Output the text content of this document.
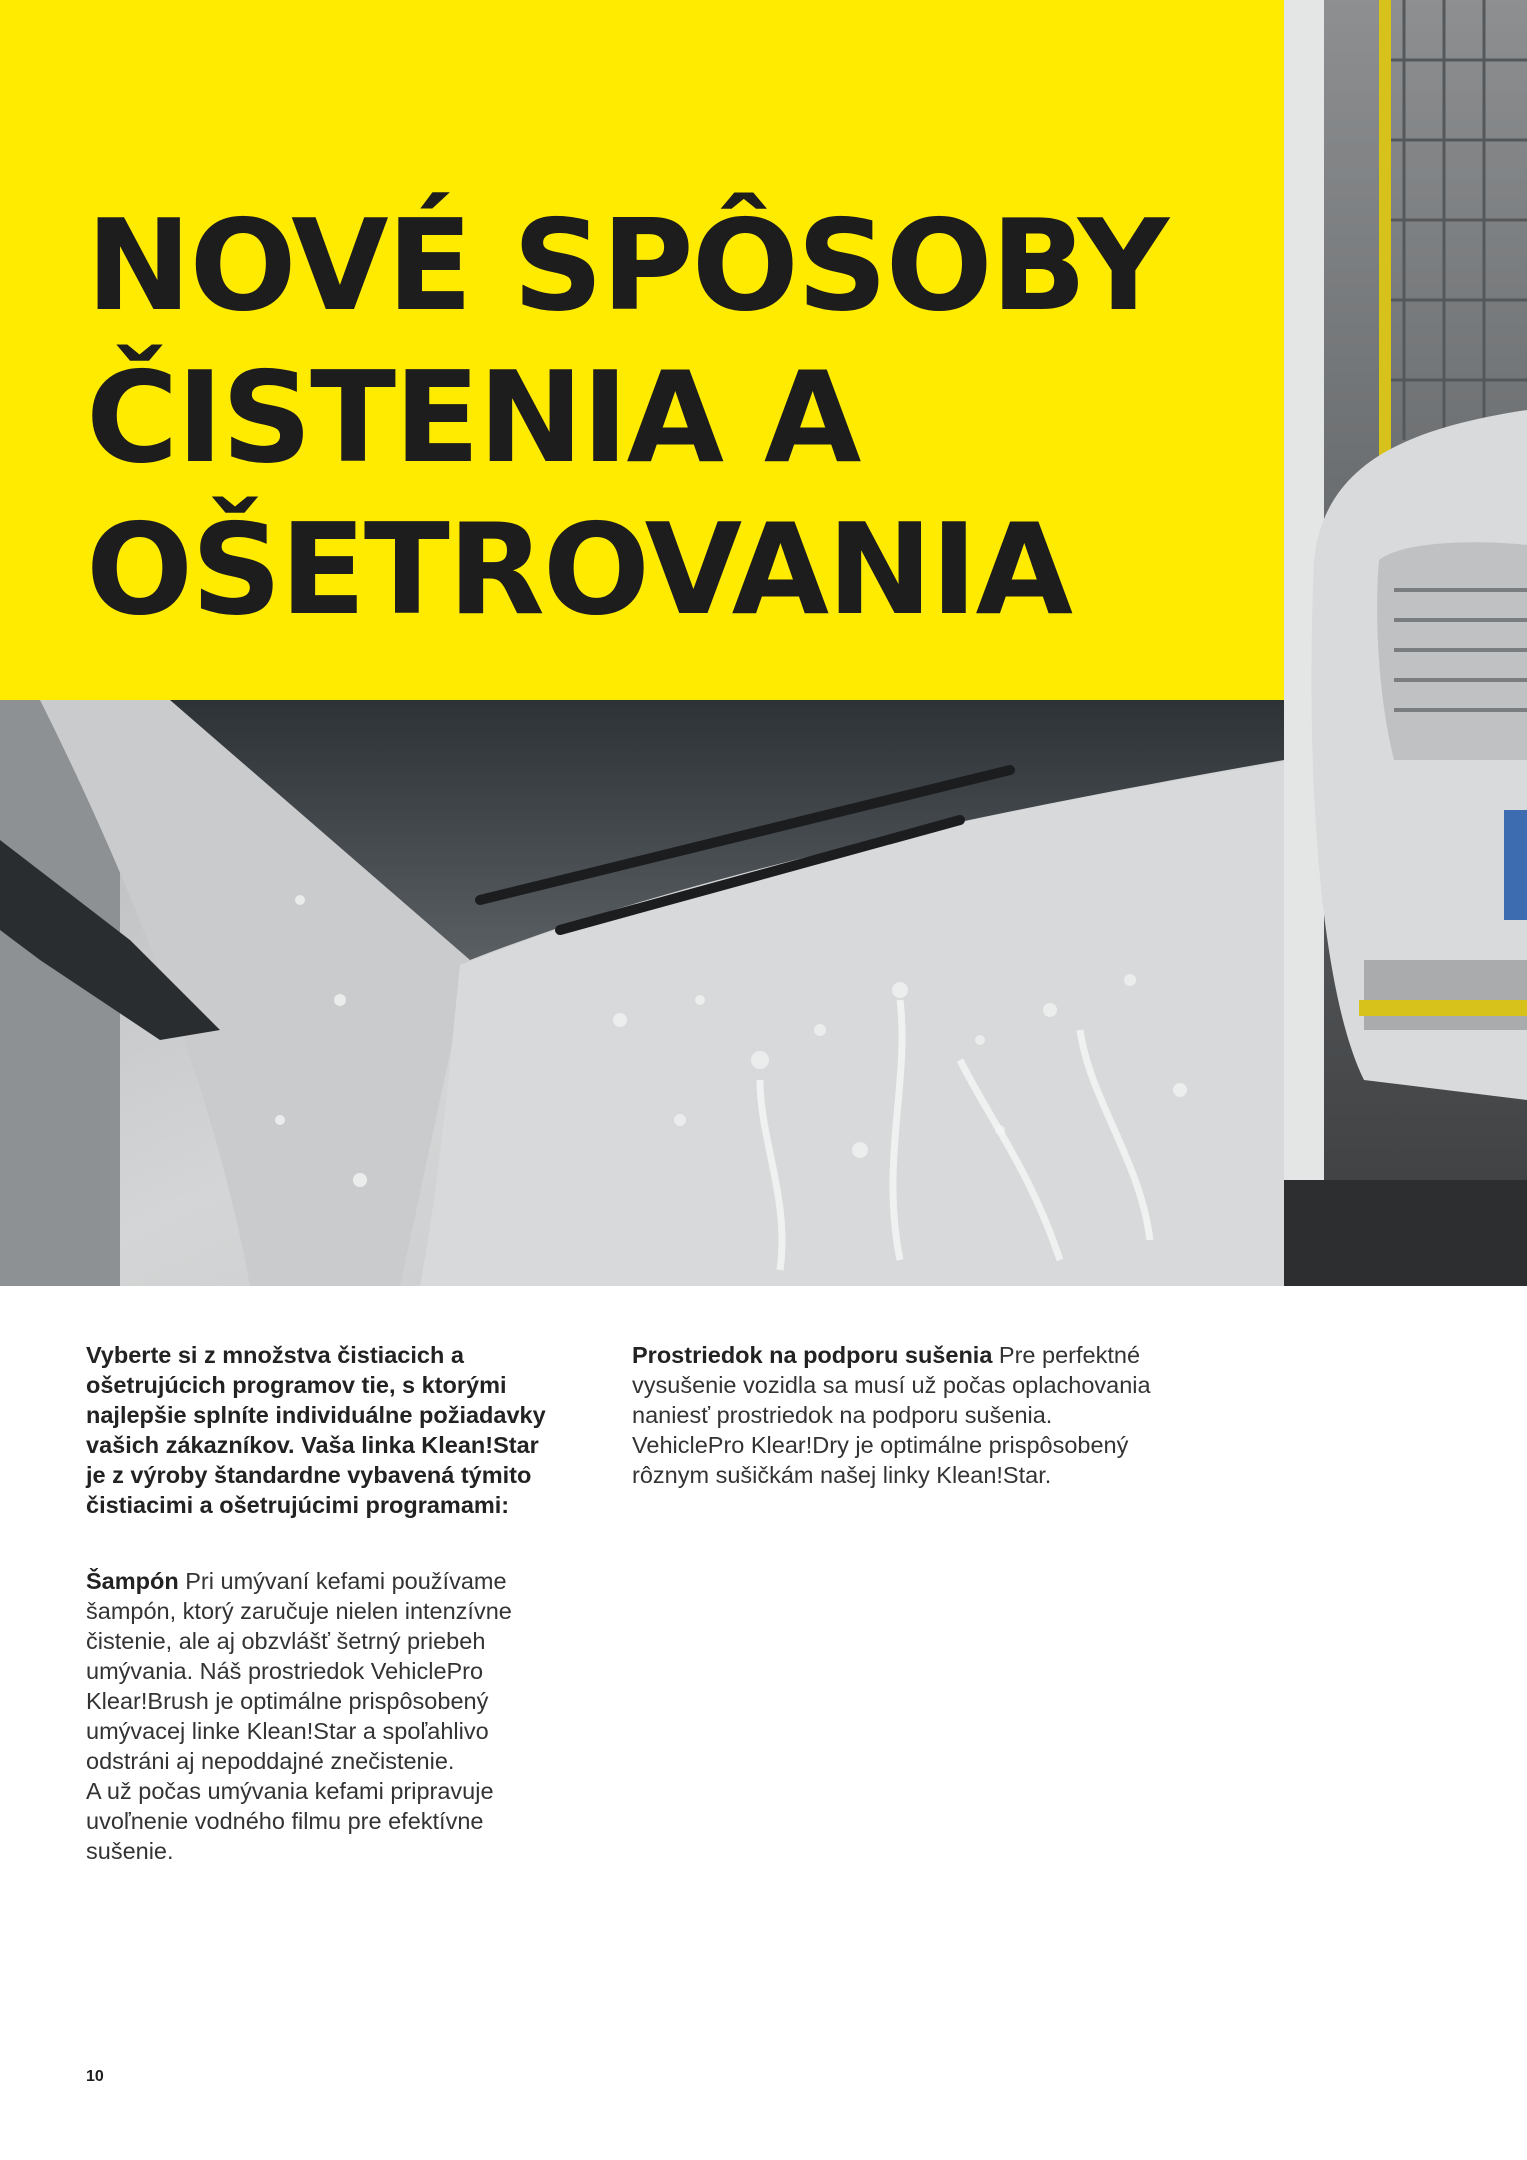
NOVÉ SPÔSOBY
ČISTENIA A
OŠETROVANIA

Vyberte si z množstva čistiacich a ošetrujúcich programov tie, s ktorými najlepšie splníte individuálne požiadavky vašich zákazníkov. Vaša linka Klean!Star je z výroby štandardne vybavená týmito čistiacimi a ošetrujúcimi programami:

Šampón Pri umývaní kefami používame šampón, ktorý zaručuje nielen intenzívne čistenie, ale aj obzvlášť šetrný priebeh umývania. Náš prostriedok VehiclePro Klear!Brush je optimálne prispôsobený umývacej linke Klean!Star a spoľahlivo odstráni aj nepoddajné znečistenie.
A už počas umývania kefami pripravuje uvoľnenie vodného filmu pre efektívne sušenie.

Prostriedok na podporu sušenia Pre perfektné vysušenie vozidla sa musí už počas oplachovania naniesť prostriedok na podporu sušenia. VehiclePro Klear!Dry je optimálne prispôsobený rôznym sušičkám našej linky Klean!Star.

10
